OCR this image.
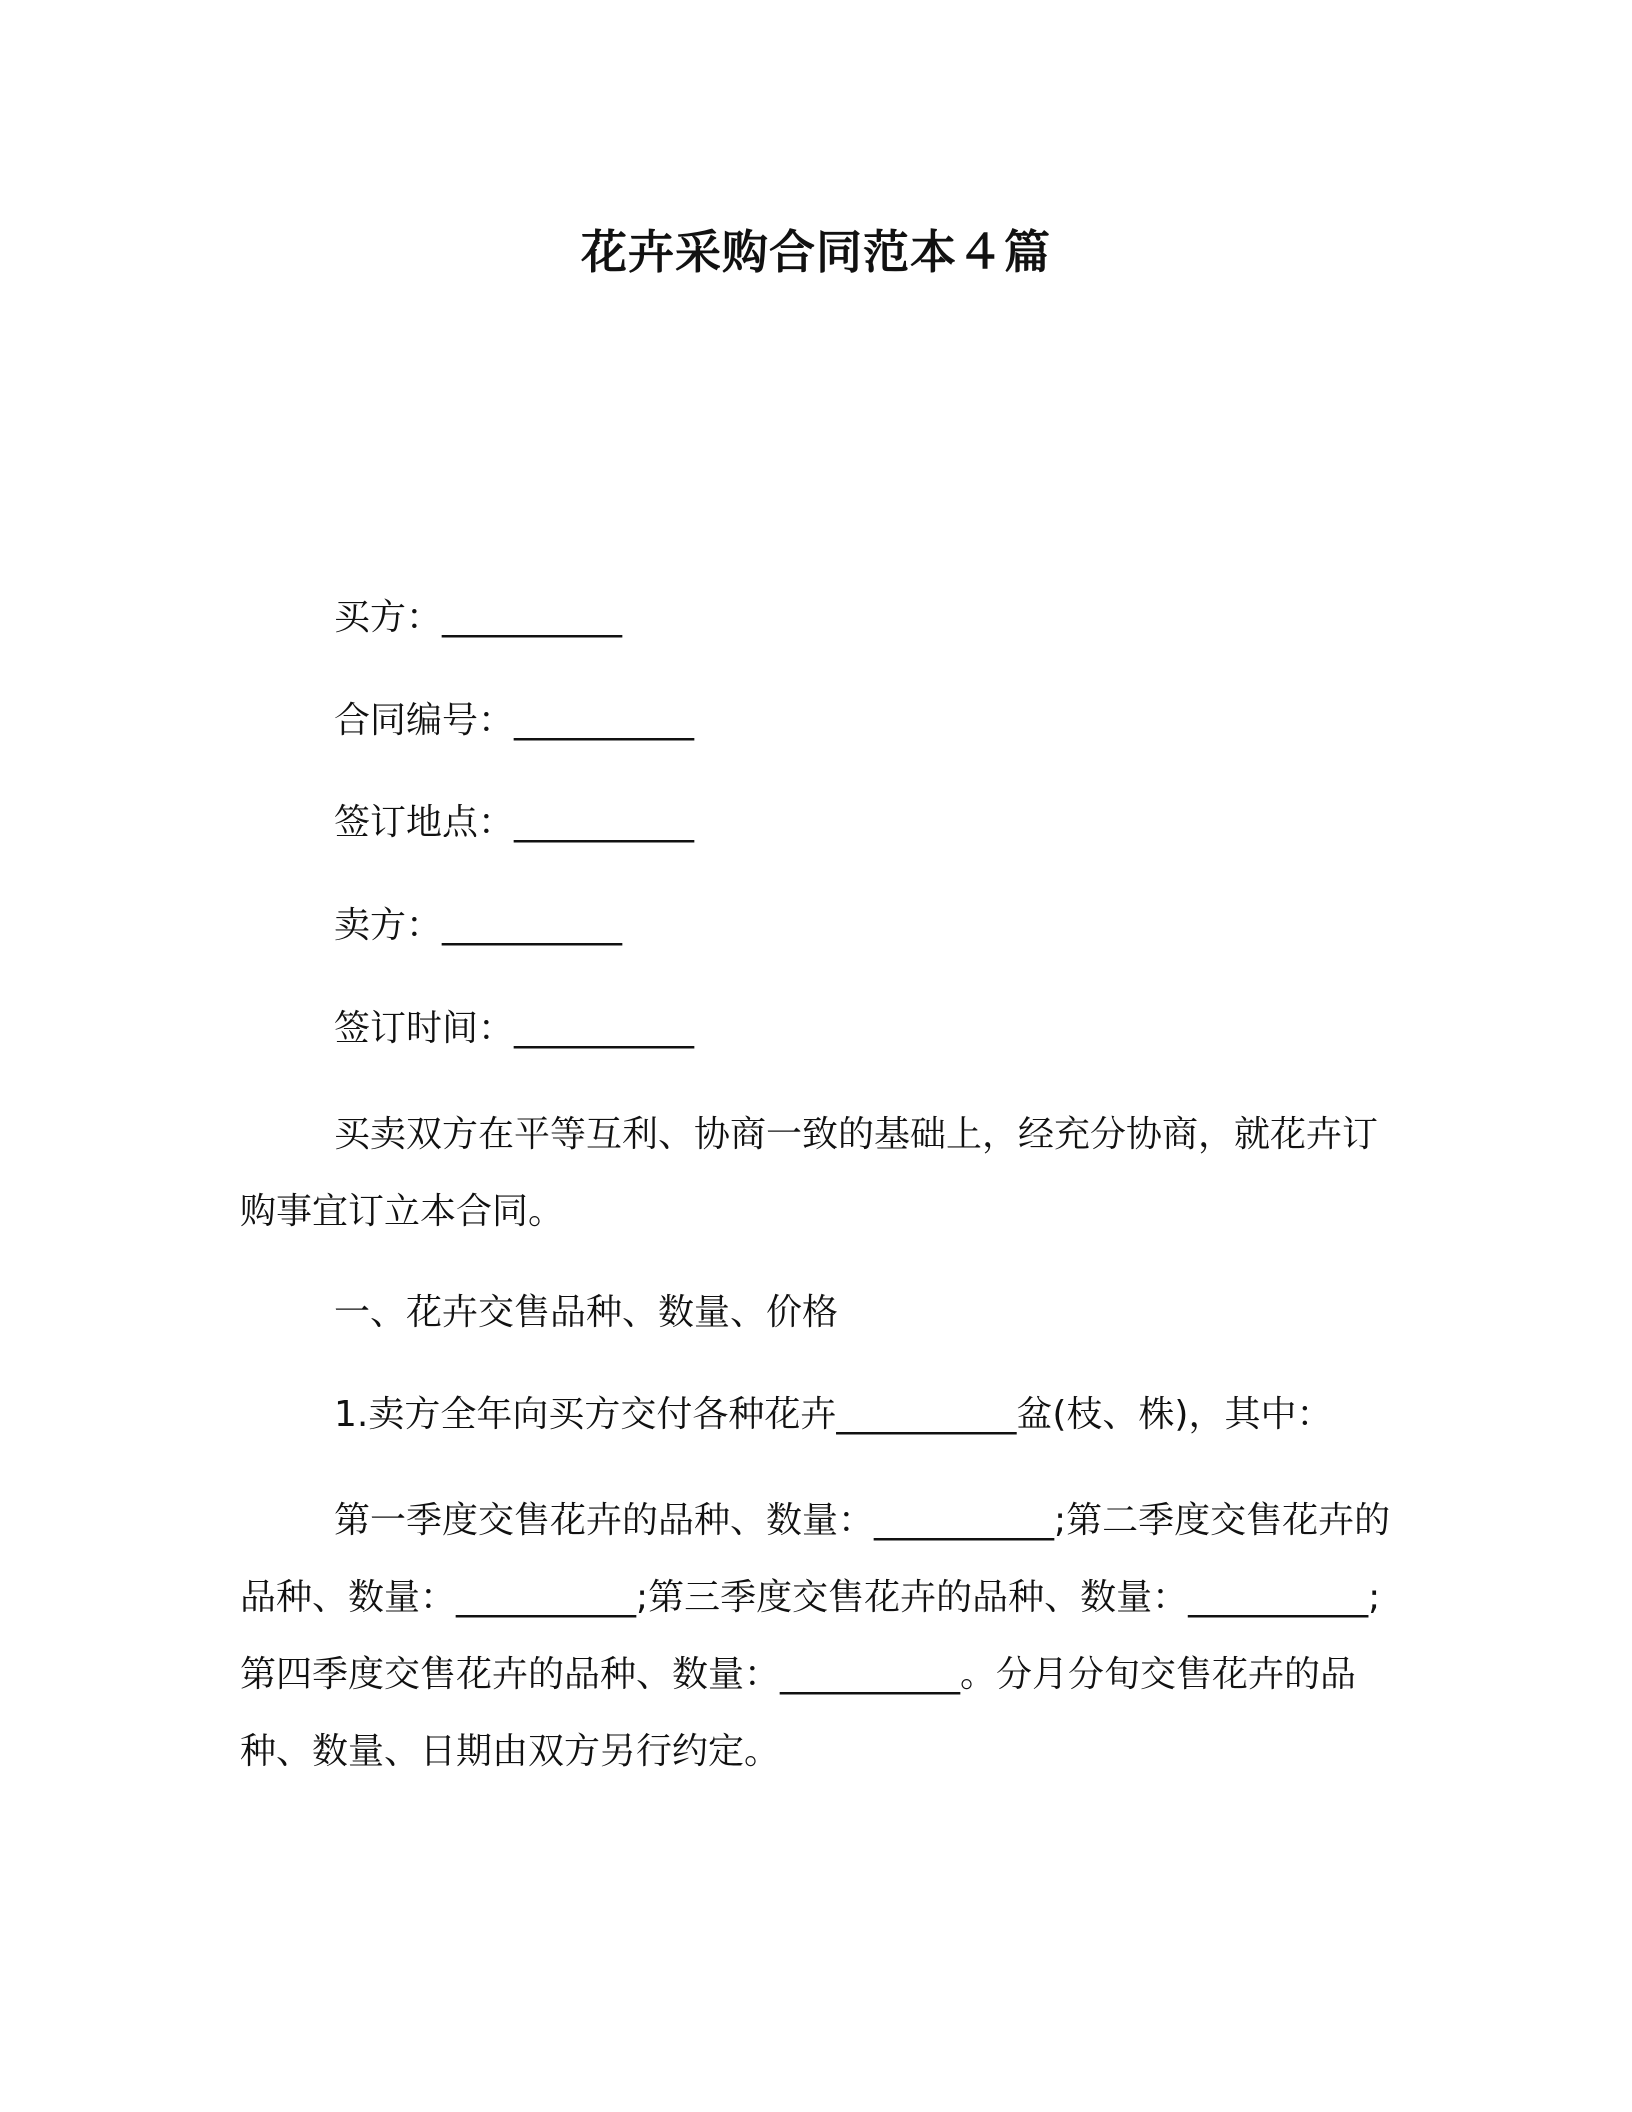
花卉采购合同范本４篇
买方：__________
合同编号：__________
签订地点：__________
卖方：__________
签订时间：__________
买卖双方在平等互利、协商一致的基础上，经充分协商，就花卉订购事宜订立本合同。
一、花卉交售品种、数量、价格
1.卖方全年向买方交付各种花卉__________盆(枝、株)，其中：
第一季度交售花卉的品种、数量：__________;第二季度交售花卉的品种、数量：__________;第三季度交售花卉的品种、数量：__________;第四季度交售花卉的品种、数量：__________。分月分旬交售花卉的品种、数量、日期由双方另行约定。
